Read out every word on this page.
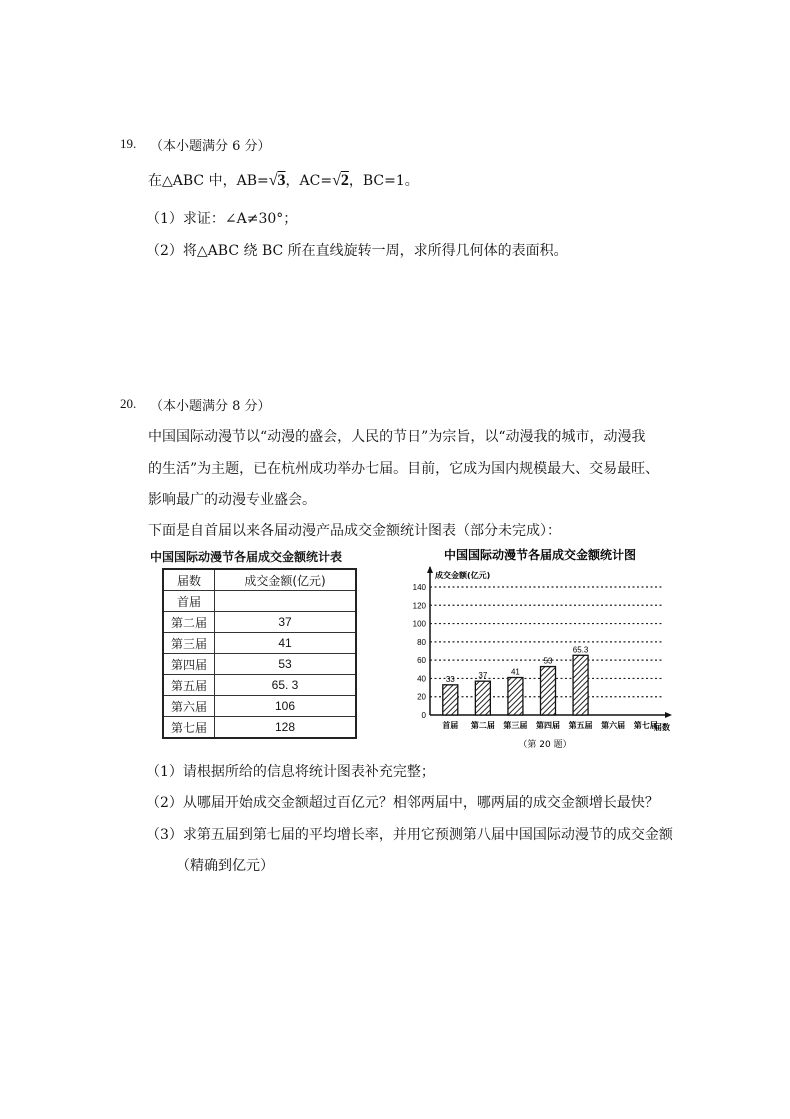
19. （本小题满分 6 分）
在△ABC 中，AB=√3，AC=√2，BC=1。
（1）求证：∠A≠30°；
（2）将△ABC 绕 BC 所在直线旋转一周，求所得几何体的表面积。
20. （本小题满分 8 分）
中国国际动漫节以“动漫的盛会，人民的节日”为宗旨，以“动漫我的城市，动漫我
的生活”为主题，已在杭州成功举办七届。目前，它成为国内规模最大、交易最旺、
影响最广的动漫专业盛会。
下面是自首届以来各届动漫产品成交金额统计图表（部分未完成）：
中国国际动漫节各届成交金额统计表
届数	成交金额(亿元)
首届	
第二届	37
第三届	41
第四届	53
第五届	65. 3
第六届	106
第七届	128
中国国际动漫节各届成交金额统计图
成交金额(亿元)
届数
（第 20 题）
0
20
40
60
80
100
120
140
33
首届
37
第二届
41
第三届
53
第四届
65.3
第五届 第六届 第七届
（1）请根据所给的信息将统计图表补充完整；
（2）从哪届开始成交金额超过百亿元？相邻两届中，哪两届的成交金额增长最快？
（3）求第五届到第七届的平均增长率，并用它预测第八届中国国际动漫节的成交金额
（精确到亿元）
